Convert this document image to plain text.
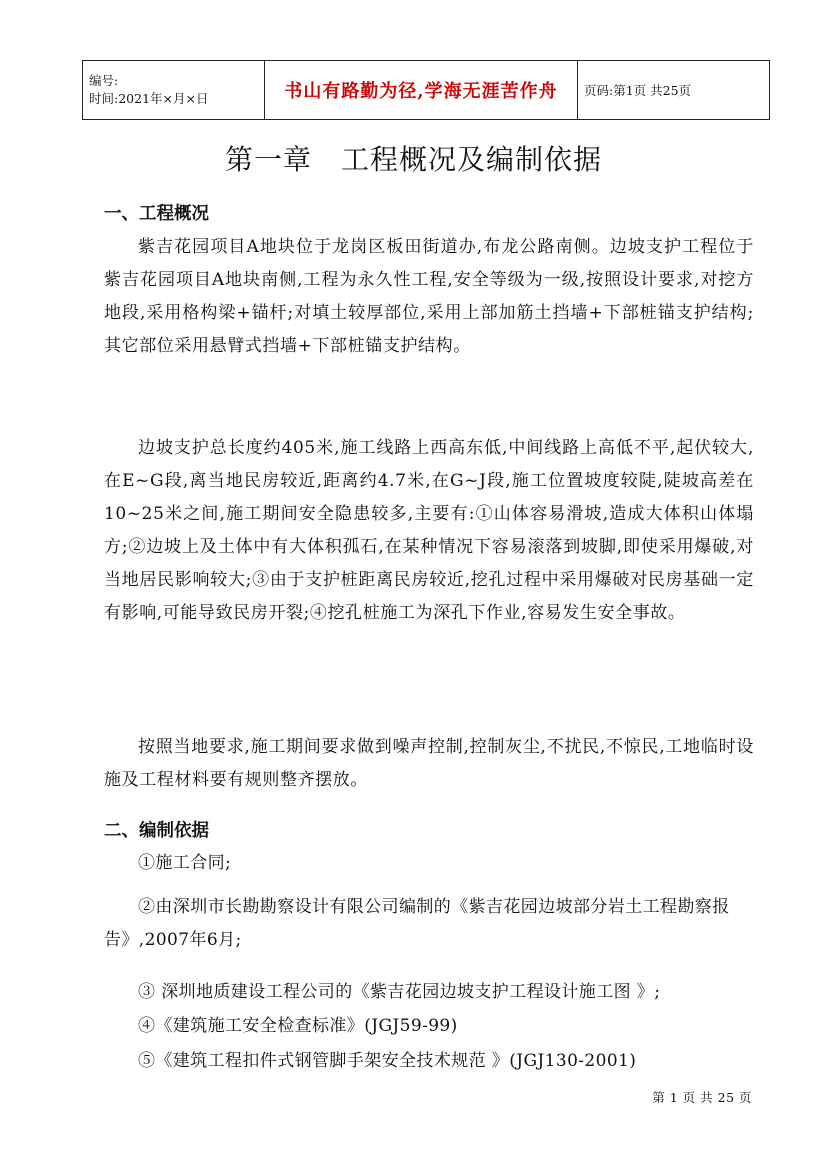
编号:
时间:2021年×月×日	书山有路勤为径,学海无涯苦作舟	页码:第1页 共25页
第一章　工程概况及编制依据
一、工程概况

紫吉花园项目A地块位于龙岗区板田街道办,布龙公路南侧。边坡支护工程位于紫吉花园项目A地块南侧,工程为永久性工程,安全等级为一级,按照设计要求,对挖方地段,采用格构梁+锚杆;对填土较厚部位,采用上部加筋土挡墙+下部桩锚支护结构;其它部位采用悬臂式挡墙+下部桩锚支护结构。

边坡支护总长度约405米,施工线路上西高东低,中间线路上高低不平,起伏较大,在E~G段,离当地民房较近,距离约4.7米,在G~J段,施工位置坡度较陡,陡坡高差在10~25米之间,施工期间安全隐患较多,主要有:①山体容易滑坡,造成大体积山体塌方;②边坡上及土体中有大体积孤石,在某种情况下容易滚落到坡脚,即使采用爆破,对当地居民影响较大;③由于支护桩距离民房较近,挖孔过程中采用爆破对民房基础一定有影响,可能导致民房开裂;④挖孔桩施工为深孔下作业,容易发生安全事故。

按照当地要求,施工期间要求做到噪声控制,控制灰尘,不扰民,不惊民,工地临时设施及工程材料要有规则整齐摆放。

二、编制依据

①施工合同;

②由深圳市长勘勘察设计有限公司编制的《紫吉花园边坡部分岩土工程勘察报告》,2007年6月;

③ 深圳地质建设工程公司的《紫吉花园边坡支护工程设计施工图 》;

④《建筑施工安全检查标准》(JGJ59-99)

⑤《建筑工程扣件式钢管脚手架安全技术规范 》(JGJ130-2001)

第 1 页 共 25 页
